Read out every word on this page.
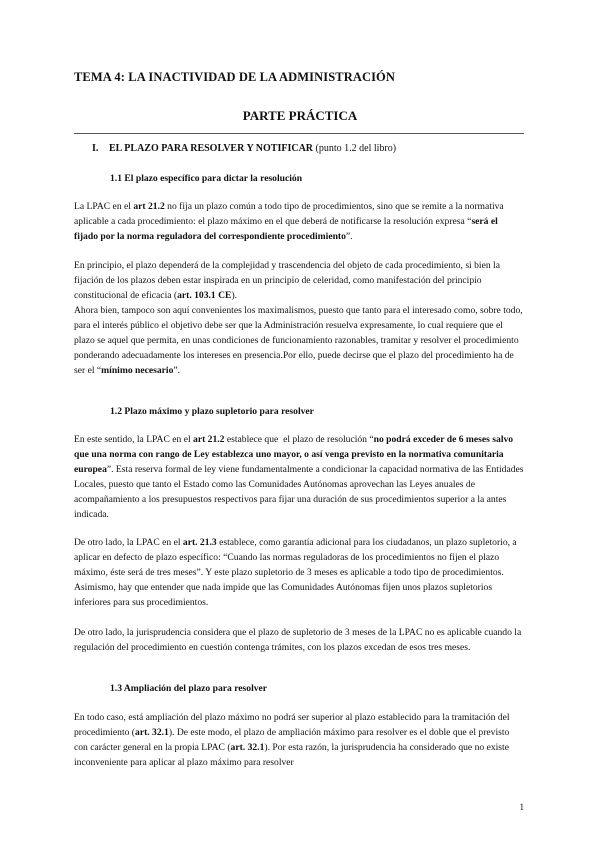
TEMA 4: LA INACTIVIDAD DE LA ADMINISTRACIÓN
PARTE PRÁCTICA
I. EL PLAZO PARA RESOLVER Y NOTIFICAR (punto 1.2 del libro)
1.1 El plazo específico para dictar la resolución
La LPAC en el art 21.2 no fija un plazo común a todo tipo de procedimientos, sino que se remite a la normativa aplicable a cada procedimiento: el plazo máximo en el que deberá de notificarse la resolución expresa “será el fijado por la norma reguladora del correspondiente procedimiento”.
En principio, el plazo dependerá de la complejidad y trascendencia del objeto de cada procedimiento, si bien la fijación de los plazos deben estar inspirada en un principio de celeridad, como manifestación del principio constitucional de eficacia (art. 103.1 CE).
Ahora bien, tampoco son aquí convenientes los maximalismos, puesto que tanto para el interesado como, sobre todo, para el interés público el objetivo debe ser que la Administración resuelva expresamente, lo cual requiere que el plazo se aquel que permita, en unas condiciones de funcionamiento razonables, tramitar y resolver el procedimiento ponderando adecuadamente los intereses en presencia.Por ello, puede decirse que el plazo del procedimiento ha de ser el “mínimo necesario”.
1.2 Plazo máximo y plazo supletorio para resolver
En este sentido, la LPAC en el art 21.2 establece que  el plazo de resolución “no podrá exceder de 6 meses salvo que una norma con rango de Ley establezca uno mayor, o así venga previsto en la normativa comunitaria europea”. Esta reserva formal de ley viene fundamentalmente a condicionar la capacidad normativa de las Entidades Locales, puesto que tanto el Estado como las Comunidades Autónomas aprovechan las Leyes anuales de acompañamiento a los presupuestos respectivos para fijar una duración de sus procedimientos superior a la antes indicada.
De otro lado, la LPAC en el art. 21.3 establece, como garantía adicional para los ciudadanos, un plazo supletorio, a aplicar en defecto de plazo específico: “Cuando las normas reguladoras de los procedimientos no fijen el plazo máximo, éste será de tres meses”. Y este plazo supletorio de 3 meses es aplicable a todo tipo de procedimientos. Asimismo, hay que entender que nada impide que las Comunidades Autónomas fijen unos plazos supletorios inferiores para sus procedimientos.
De otro lado, la jurisprudencia considera que el plazo de supletorio de 3 meses de la LPAC no es aplicable cuando la regulación del procedimiento en cuestión contenga trámites, con los plazos excedan de esos tres meses.
1.3 Ampliación del plazo para resolver
En todo caso, está ampliación del plazo máximo no podrá ser superior al plazo establecido para la tramitación del procedimiento (art. 32.1). De este modo, el plazo de ampliación máximo para resolver es el doble que el previsto con carácter general en la propia LPAC (art. 32.1). Por esta razón, la jurisprudencia ha considerado que no existe inconveniente para aplicar al plazo máximo para resolver
1
